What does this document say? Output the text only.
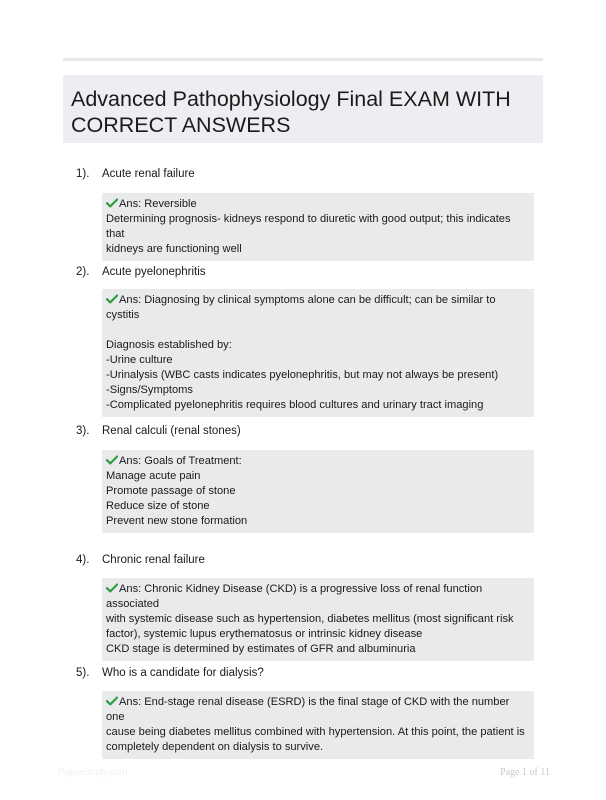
Advanced Pathophysiology Final EXAM WITH CORRECT ANSWERS
1). Acute renal failure
Ans: Reversible
Determining prognosis- kidneys respond to diuretic with good output; this indicates that
kidneys are functioning well
2). Acute pyelonephritis
Ans: Diagnosing by clinical symptoms alone can be difficult; can be similar to cystitis

Diagnosis established by:
-Urine culture
-Urinalysis (WBC casts indicates pyelonephritis, but may not always be present)
-Signs/Symptoms
-Complicated pyelonephritis requires blood cultures and urinary tract imaging
3). Renal calculi (renal stones)
Ans: Goals of Treatment:
Manage acute pain
Promote passage of stone
Reduce size of stone
Prevent new stone formation
4). Chronic renal failure
Ans: Chronic Kidney Disease (CKD) is a progressive loss of renal function associated
with systemic disease such as hypertension, diabetes mellitus (most significant risk
factor), systemic lupus erythematosus or intrinsic kidney disease
CKD stage is determined by estimates of GFR and albuminuria
5). Who is a candidate for dialysis?
Ans: End-stage renal disease (ESRD) is the final stage of CKD with the number one
cause being diabetes mellitus combined with hypertension. At this point, the patient is
completely dependent on dialysis to survive.
PaperStudy.com	Page 1 of 11
